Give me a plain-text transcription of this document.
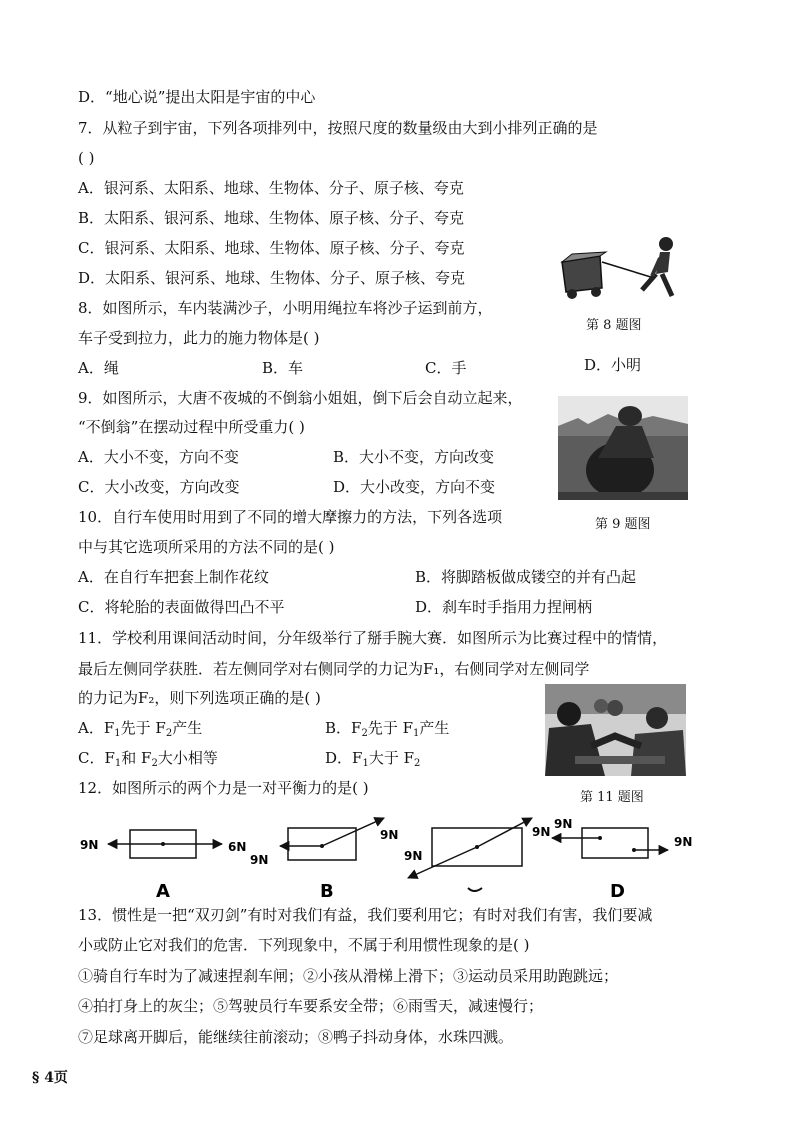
D．“地心说”提出太阳是宇宙的中心
7．从粒子到宇宙，下列各项排列中，按照尺度的数量级由大到小排列正确的是
( )
A．银河系、太阳系、地球、生物体、分子、原子核、夸克
B．太阳系、银河系、地球、生物体、原子核、分子、夸克
C．银河系、太阳系、地球、生物体、原子核、分子、夸克
D．太阳系、银河系、地球、生物体、分子、原子核、夸克
8．如图所示，车内装满沙子，小明用绳拉车将沙子运到前方，
车子受到拉力，此力的施力物体是( )
A．绳	B．车	C．手	D．小明
9．如图所示，大唐不夜城的不倒翁小姐姐，倒下后会自动立起来，
“不倒翁”在摆动过程中所受重力( )
A．大小不变，方向不变	B．大小不变，方向改变
C．大小改变，方向改变	D．大小改变，方向不变
10．自行车使用时用到了不同的增大摩擦力的方法，下列各选项
中与其它选项所采用的方法不同的是( )
A．在自行车把套上制作花纹	B．将脚踏板做成镂空的并有凸起
C．将轮胎的表面做得凹凸不平	D．刹车时手指用力捏闸柄
11．学校利用课间活动时间，分年级举行了掰手腕大赛．如图所示为比赛过程中的情情，
最后左侧同学获胜．若左侧同学对右侧同学的力记为F₁，右侧同学对左侧同学
的力记为F₂，则下列选项正确的是( )
A．$F_1$先于 $F_2$产生	B．$F_2$先于 $F_1$产生
C．$F_1$和 $F_2$大小相等	D．$F_1$大于 $F_2$
12．如图所示的两个力是一对平衡力的是( )
13．惯性是一把“双刃剑”有时对我们有益，我们要利用它；有时对我们有害，我们要减
小或防止它对我们的危害．下列现象中，不属于利用惯性现象的是( )
①骑自行车时为了减速捏刹车闸；②小孩从滑梯上滑下；③运动员采用助跑跳远；
④拍打身上的灰尘；⑤驾驶员行车要系安全带；⑥雨雪天，减速慢行；
⑦足球离开脚后，能继续往前滚动；⑧鸭子抖动身体，水珠四溅。
§ 4页
第 8 题图
第 9 题图
第 11 题图
9N	6N
A
9N
9N
B
9N
9N
9N
9N
D
